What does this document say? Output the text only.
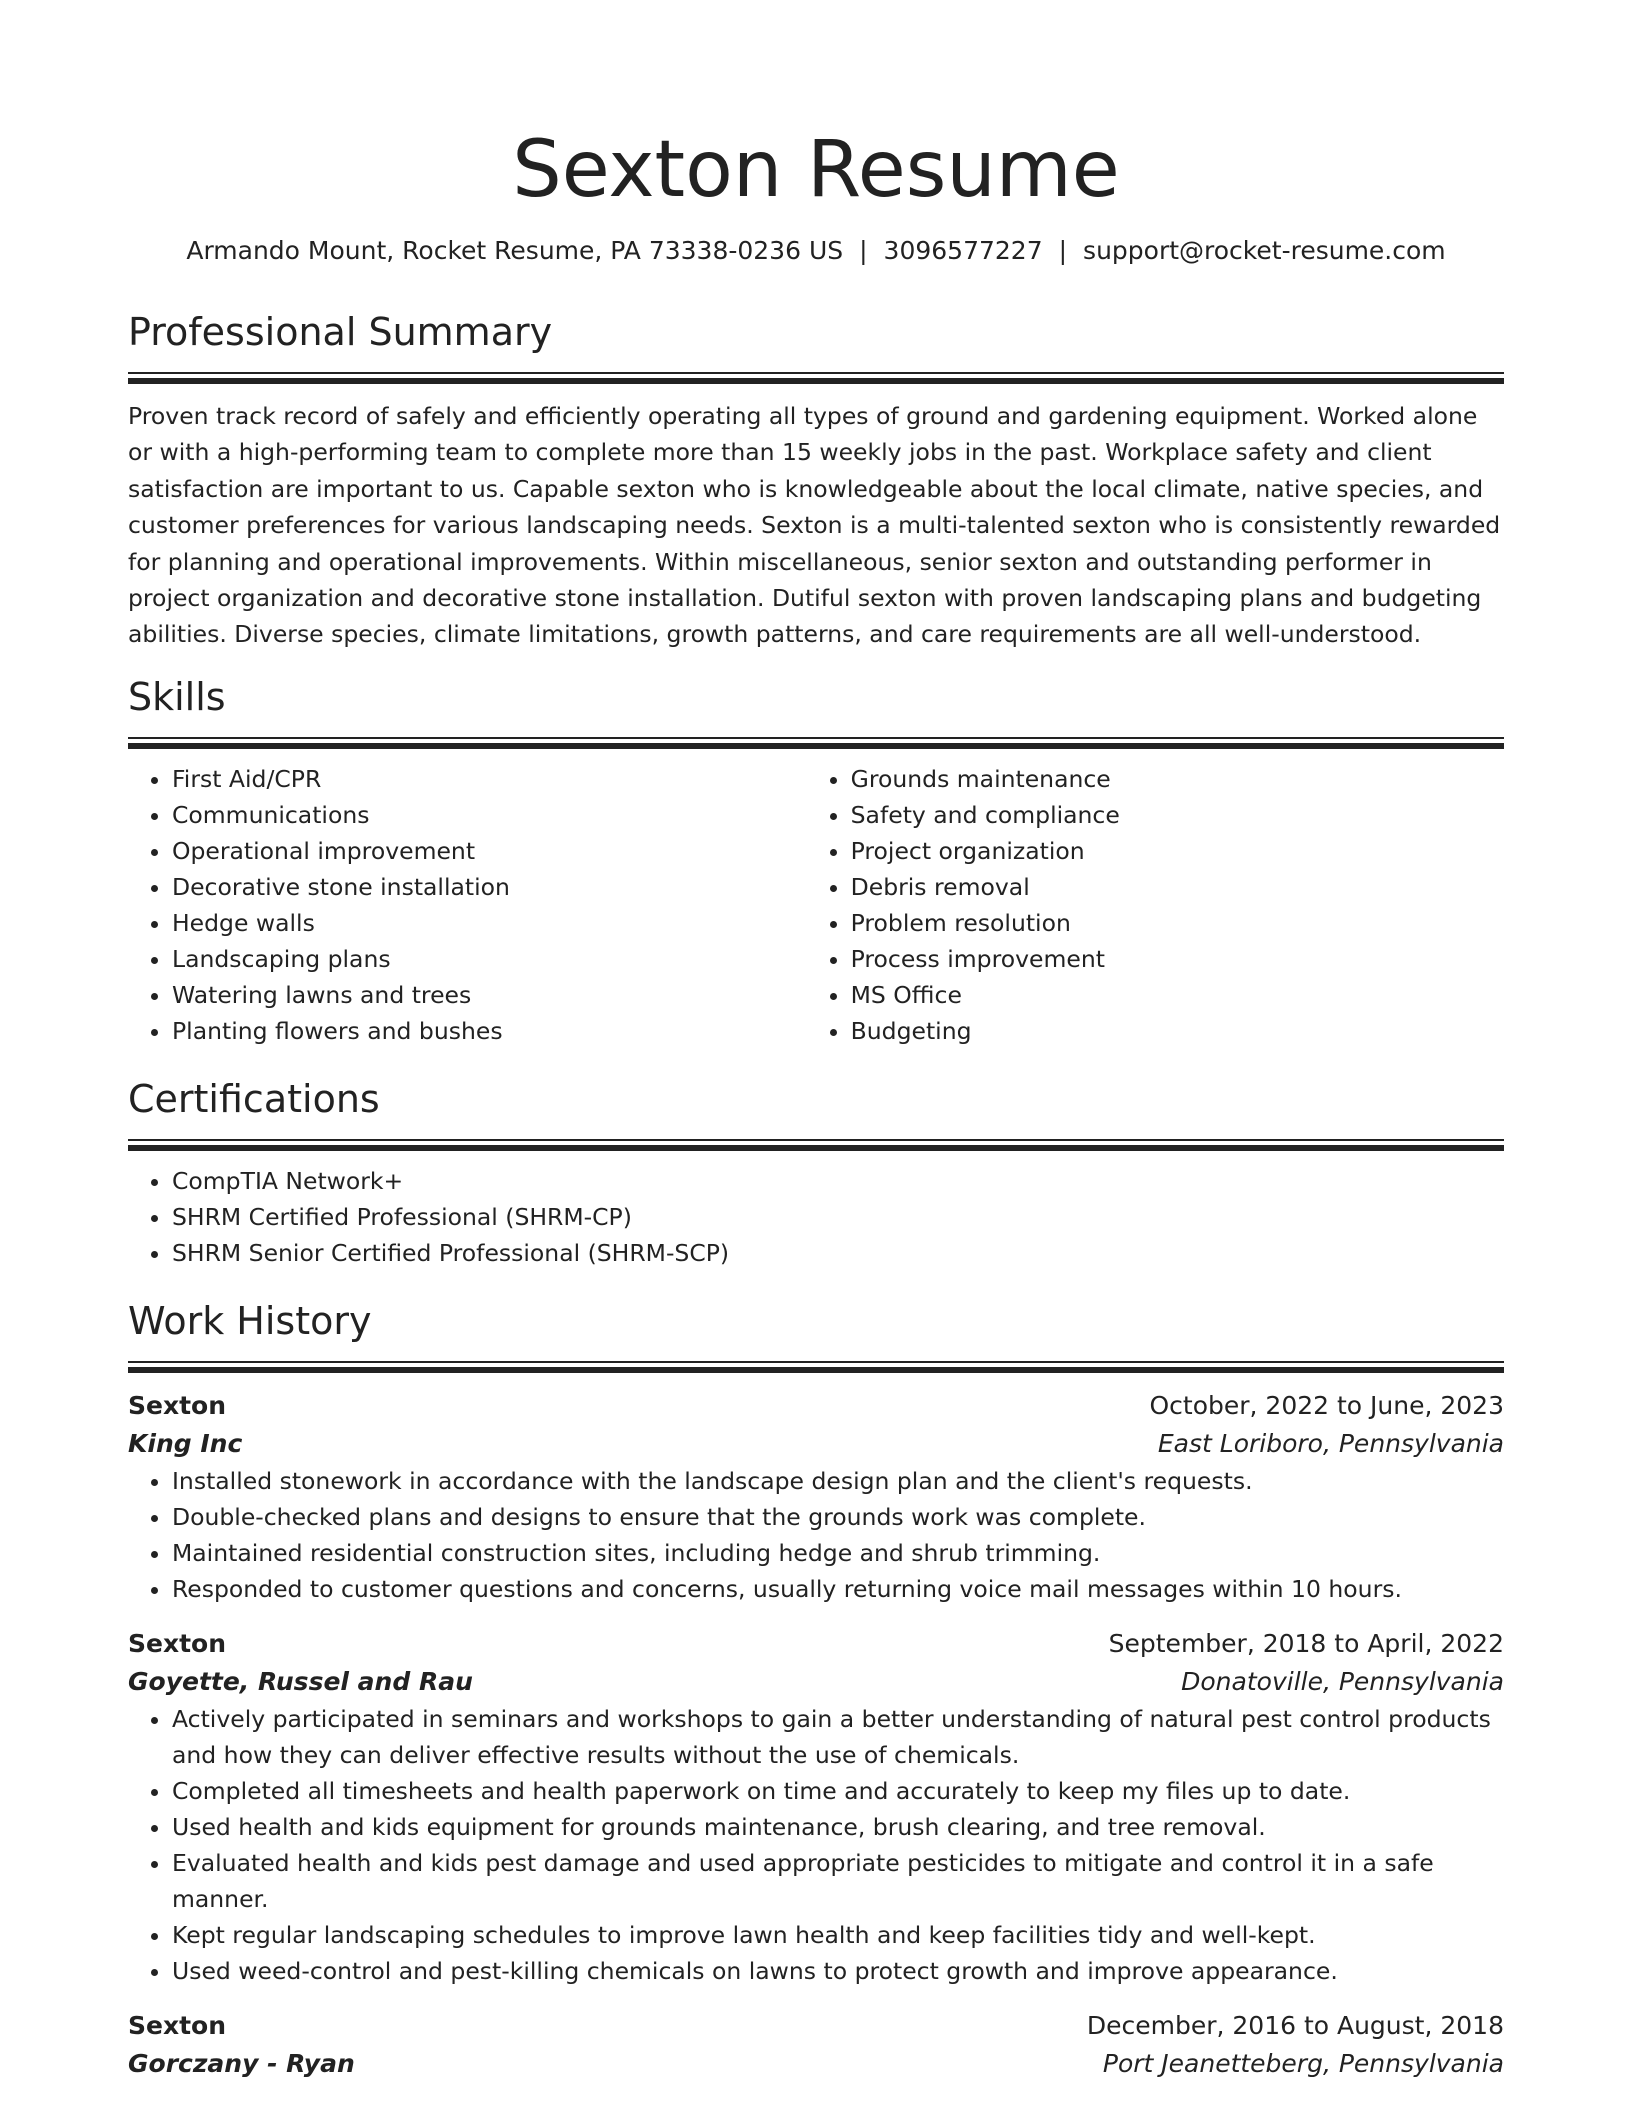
Sexton Resume
Armando Mount, Rocket Resume, PA 73338-0236 US | 3096577227 | support@rocket-resume.com
Professional Summary
Proven track record of safely and efficiently operating all types of ground and gardening equipment. Worked alone or with a high-performing team to complete more than 15 weekly jobs in the past. Workplace safety and client satisfaction are important to us. Capable sexton who is knowledgeable about the local climate, native species, and customer preferences for various landscaping needs. Sexton is a multi-talented sexton who is consistently rewarded for planning and operational improvements. Within miscellaneous, senior sexton and outstanding performer in project organization and decorative stone installation. Dutiful sexton with proven landscaping plans and budgeting abilities. Diverse species, climate limitations, growth patterns, and care requirements are all well-understood.
Skills
• First Aid/CPR
• Communications
• Operational improvement
• Decorative stone installation
• Hedge walls
• Landscaping plans
• Watering lawns and trees
• Planting flowers and bushes
• Grounds maintenance
• Safety and compliance
• Project organization
• Debris removal
• Problem resolution
• Process improvement
• MS Office
• Budgeting
Certifications
• CompTIA Network+
• SHRM Certified Professional (SHRM-CP)
• SHRM Senior Certified Professional (SHRM-SCP)
Work History
Sexton	October, 2022 to June, 2023
King Inc	East Loriboro, Pennsylvania
• Installed stonework in accordance with the landscape design plan and the client's requests.
• Double-checked plans and designs to ensure that the grounds work was complete.
• Maintained residential construction sites, including hedge and shrub trimming.
• Responded to customer questions and concerns, usually returning voice mail messages within 10 hours.
Sexton	September, 2018 to April, 2022
Goyette, Russel and Rau	Donatoville, Pennsylvania
• Actively participated in seminars and workshops to gain a better understanding of natural pest control products and how they can deliver effective results without the use of chemicals.
• Completed all timesheets and health paperwork on time and accurately to keep my files up to date.
• Used health and kids equipment for grounds maintenance, brush clearing, and tree removal.
• Evaluated health and kids pest damage and used appropriate pesticides to mitigate and control it in a safe manner.
• Kept regular landscaping schedules to improve lawn health and keep facilities tidy and well-kept.
• Used weed-control and pest-killing chemicals on lawns to protect growth and improve appearance.
Sexton	December, 2016 to August, 2018
Gorczany - Ryan	Port Jeanetteberg, Pennsylvania
